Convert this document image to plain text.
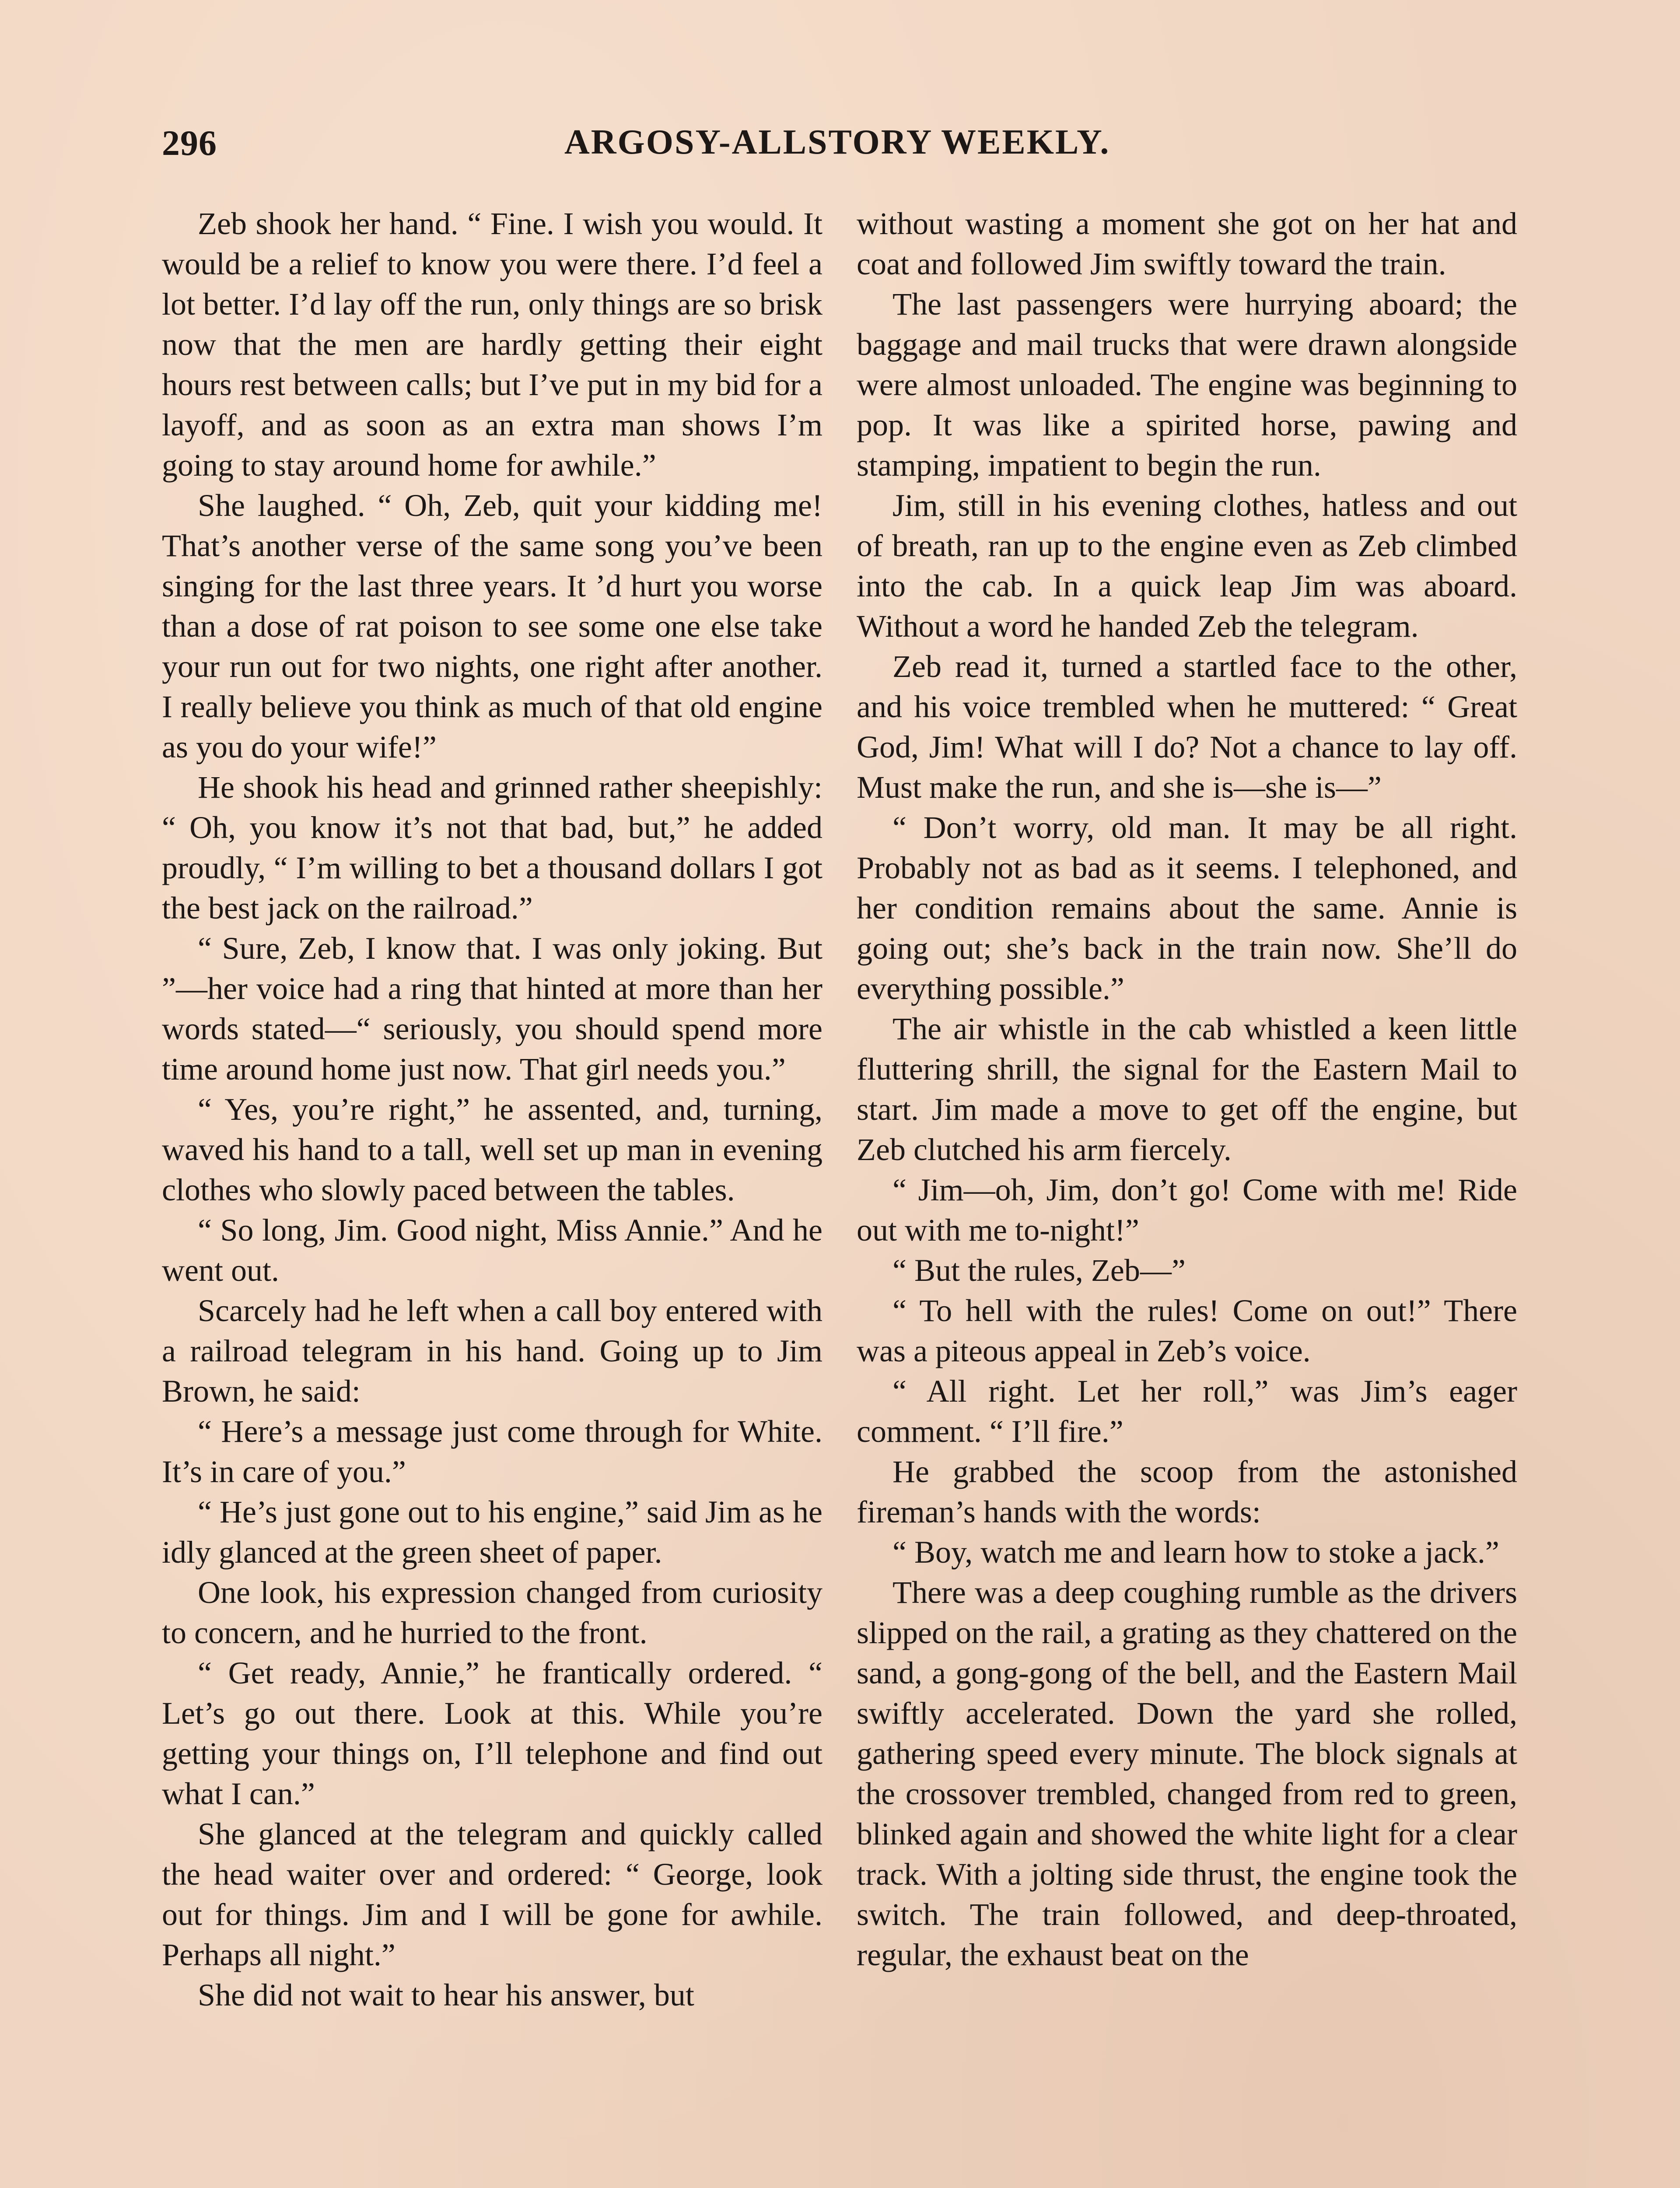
296	ARGOSY-ALLSTORY WEEKLY.

Zeb shook her hand. “ Fine. I wish you would. It would be a relief to know you were there. I’d feel a lot better. I’d lay off the run, only things are so brisk now that the men are hardly getting their eight hours rest between calls; but I’ve put in my bid for a layoff, and as soon as an extra man shows I’m going to stay around home for awhile.”

She laughed. “ Oh, Zeb, quit your kidding me! That’s another verse of the same song you’ve been singing for the last three years. It ’d hurt you worse than a dose of rat poison to see some one else take your run out for two nights, one right after another. I really believe you think as much of that old engine as you do your wife!”

He shook his head and grinned rather sheepishly: “ Oh, you know it’s not that bad, but,” he added proudly, “ I’m willing to bet a thousand dollars I got the best jack on the railroad.”

“ Sure, Zeb, I know that. I was only joking. But ”—her voice had a ring that hinted at more than her words stated—“ seriously, you should spend more time around home just now. That girl needs you.”

“ Yes, you’re right,” he assented, and, turning, waved his hand to a tall, well set up man in evening clothes who slowly paced between the tables.

“ So long, Jim. Good night, Miss Annie.” And he went out.

Scarcely had he left when a call boy entered with a railroad telegram in his hand. Going up to Jim Brown, he said:

“ Here’s a message just come through for White. It’s in care of you.”

“ He’s just gone out to his engine,” said Jim as he idly glanced at the green sheet of paper.

One look, his expression changed from curiosity to concern, and he hurried to the front.

“ Get ready, Annie,” he frantically ordered. “ Let’s go out there. Look at this. While you’re getting your things on, I’ll telephone and find out what I can.”

She glanced at the telegram and quickly called the head waiter over and ordered: “ George, look out for things. Jim and I will be gone for awhile. Perhaps all night.”

She did not wait to hear his answer, but

without wasting a moment she got on her hat and coat and followed Jim swiftly toward the train.

The last passengers were hurrying aboard; the baggage and mail trucks that were drawn alongside were almost unloaded. The engine was beginning to pop. It was like a spirited horse, pawing and stamping, impatient to begin the run.

Jim, still in his evening clothes, hatless and out of breath, ran up to the engine even as Zeb climbed into the cab. In a quick leap Jim was aboard. Without a word he handed Zeb the telegram.

Zeb read it, turned a startled face to the other, and his voice trembled when he muttered: “ Great God, Jim! What will I do? Not a chance to lay off. Must make the run, and she is—she is—”

“ Don’t worry, old man. It may be all right. Probably not as bad as it seems. I telephoned, and her condition remains about the same. Annie is going out; she’s back in the train now. She’ll do everything possible.”

The air whistle in the cab whistled a keen little fluttering shrill, the signal for the Eastern Mail to start. Jim made a move to get off the engine, but Zeb clutched his arm fiercely.

“ Jim—oh, Jim, don’t go! Come with me! Ride out with me to-night!”

“ But the rules, Zeb—”

“ To hell with the rules! Come on out!” There was a piteous appeal in Zeb’s voice.

“ All right. Let her roll,” was Jim’s eager comment. “ I’ll fire.”

He grabbed the scoop from the astonished fireman’s hands with the words:

“ Boy, watch me and learn how to stoke a jack.”

There was a deep coughing rumble as the drivers slipped on the rail, a grating as they chattered on the sand, a gong-gong of the bell, and the Eastern Mail swiftly accelerated. Down the yard she rolled, gathering speed every minute. The block signals at the crossover trembled, changed from red to green, blinked again and showed the white light for a clear track. With a jolting side thrust, the engine took the switch. The train followed, and deep-throated, regular, the exhaust beat on the
